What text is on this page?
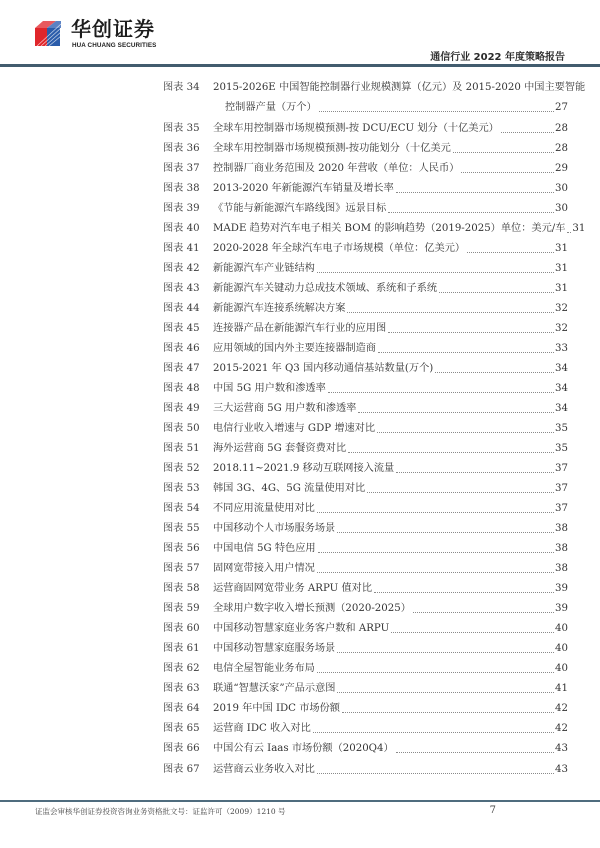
华创证券
HUA CHUANG SECURITIES
通信行业 2022 年度策略报告
图表 34 2015-2026E 中国智能控制器行业规模测算（亿元）及 2015-2020 中国主要智能
控制器产量（万个）	27
图表 35 全球车用控制器市场规模预测-按 DCU/ECU 划分（十亿美元）	28
图表 36 全球车用控制器市场规模预测-按功能划分（十亿美元	28
图表 37 控制器厂商业务范围及 2020 年营收（单位：人民币）	29
图表 38 2013-2020 年新能源汽车销量及增长率	30
图表 39 《节能与新能源汽车路线图》远景目标	30
图表 40 MADE 趋势对汽车电子相关 BOM 的影响趋势（2019-2025）单位：美元/车 31
图表 41 2020-2028 年全球汽车电子市场规模（单位：亿美元）	31
图表 42 新能源汽车产业链结构	31
图表 43 新能源汽车关键动力总成技术领域、系统和子系统	31
图表 44 新能源汽车连接系统解决方案	32
图表 45 连接器产品在新能源汽车行业的应用图	32
图表 46 应用领域的国内外主要连接器制造商	33
图表 47 2015-2021 年 Q3 国内移动通信基站数量(万个)	34
图表 48 中国 5G 用户数和渗透率	34
图表 49 三大运营商 5G 用户数和渗透率	34
图表 50 电信行业收入增速与 GDP 增速对比	35
图表 51 海外运营商 5G 套餐资费对比	35
图表 52 2018.11~2021.9 移动互联网接入流量	37
图表 53 韩国 3G、4G、5G 流量使用对比	37
图表 54 不同应用流量使用对比	37
图表 55 中国移动个人市场服务场景	38
图表 56 中国电信 5G 特色应用	38
图表 57 固网宽带接入用户情况	38
图表 58 运营商固网宽带业务 ARPU 值对比	39
图表 59 全球用户数字收入增长预测（2020-2025）	39
图表 60 中国移动智慧家庭业务客户数和 ARPU	40
图表 61 中国移动智慧家庭服务场景	40
图表 62 电信全屋智能业务布局	40
图表 63 联通“智慧沃家”产品示意图	41
图表 64 2019 年中国 IDC 市场份额	42
图表 65 运营商 IDC 收入对比	42
图表 66 中国公有云 Iaas 市场份额（2020Q4）	43
图表 67 运营商云业务收入对比	43
证监会审核华创证券投资咨询业务资格批文号：证监许可（2009）1210 号	7
